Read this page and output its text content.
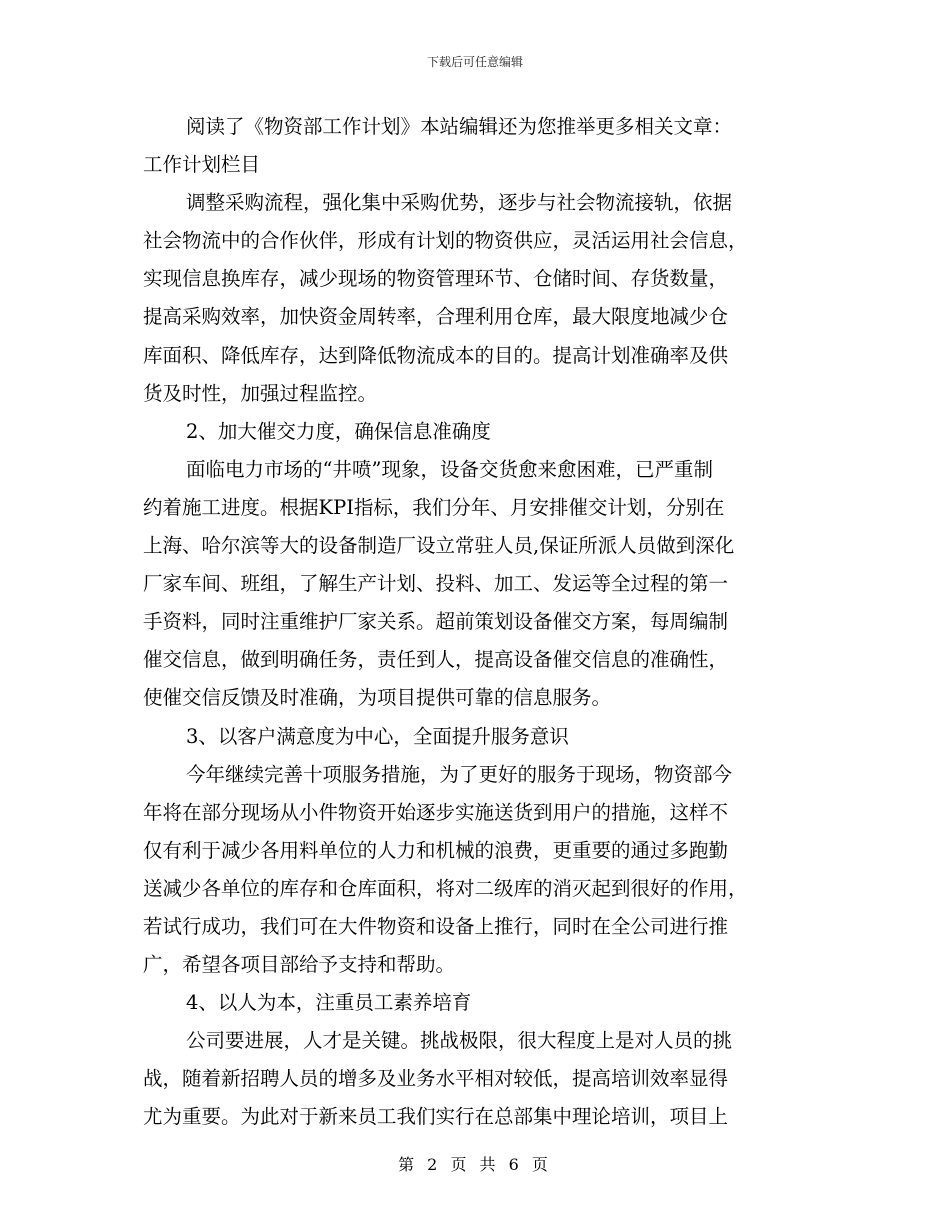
下载后可任意编辑
阅读了《物资部工作计划》本站编辑还为您推举更多相关文章：
工作计划栏目
调整采购流程，强化集中采购优势，逐步与社会物流接轨，依据
社会物流中的合作伙伴，形成有计划的物资供应，灵活运用社会信息，
实现信息换库存，减少现场的物资管理环节、仓储时间、存货数量，
提高采购效率，加快资金周转率，合理利用仓库，最大限度地减少仓
库面积、降低库存，达到降低物流成本的目的。提高计划准确率及供
货及时性，加强过程监控。
2、加大催交力度，确保信息准确度
面临电力市场的“井喷”现象，设备交货愈来愈困难，已严重制
约着施工进度。根据KPI指标，我们分年、月安排催交计划，分别在
上海、哈尔滨等大的设备制造厂设立常驻人员,保证所派人员做到深化
厂家车间、班组，了解生产计划、投料、加工、发运等全过程的第一
手资料，同时注重维护厂家关系。超前策划设备催交方案，每周编制
催交信息，做到明确任务，责任到人，提高设备催交信息的准确性，
使催交信反馈及时准确，为项目提供可靠的信息服务。
3、以客户满意度为中心，全面提升服务意识
今年继续完善十项服务措施，为了更好的服务于现场，物资部今
年将在部分现场从小件物资开始逐步实施送货到用户的措施，这样不
仅有利于减少各用料单位的人力和机械的浪费，更重要的通过多跑勤
送减少各单位的库存和仓库面积，将对二级库的消灭起到很好的作用，
若试行成功，我们可在大件物资和设备上推行，同时在全公司进行推
广，希望各项目部给予支持和帮助。
4、以人为本，注重员工素养培育
公司要进展，人才是关键。挑战极限，很大程度上是对人员的挑
战，随着新招聘人员的增多及业务水平相对较低，提高培训效率显得
尤为重要。为此对于新来员工我们实行在总部集中理论培训，项目上
第 2 页 共 6 页
